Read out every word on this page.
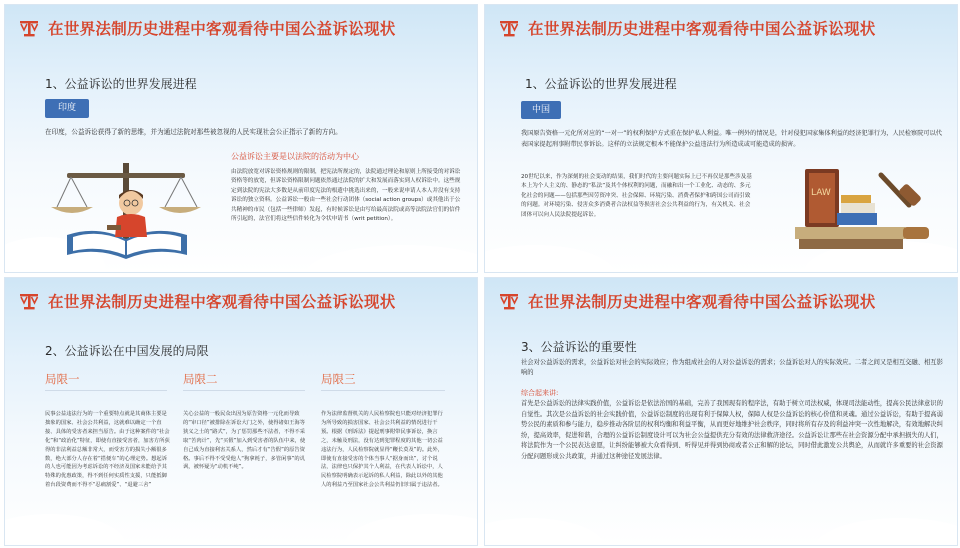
在世界法制历史进程中客观看待中国公益诉讼现状
1、公益诉讼的世界发展进程
印度
在印度，公益诉讼获得了新的思维，并为通过法院对那些被忽视的人民实现社会公正指示了新的方向。
公益诉讼主要是以法院的活动为中心
由法院放宽对诉讼资格规则的限制，把宪法所规定的，法院通过理论和原则上所接受的对诉讼资格等的放宽，但诉讼资格限制问题依然通过法院的扩大和发展而落实到人权诉讼中。这些规定到法院的宪法大多数是从前印度宪法的根遗中挑选出来的，一般来说申请人本人并没有支持诉讼的独立资料。公益诉讼一般由一些社会行动团体（social action groups）或其他出于公共精神的市民（包括一些律师）发起，有时候诉讼是由写给最高法院或高等法院法官们的信件所引起的，法官们将这些信件转化为令状申请书（writ petition）。
在世界法制历史进程中客观看待中国公益诉讼现状
1、公益诉讼的世界发展进程
中国
我国原告资格一元化所对应的“一对一”的权利保护方式重在保护私人利益。唯一例外的情况是，针对侵犯国家集体利益的经济犯罪行为，人民检察院可以代表国家提起刑事附带民事诉讼。这样的立法规定根本不能保护公益违法行为所造成或可能造成的损害。
20世纪以来，作为深刻的社会变动的结果，我们时代的主要问题实际上已不再仅是那些涉及基本上为个人主义的、静态的“私法”及其个体权利的问题，而融和出一个工业化、动态的、多元化社会的问题——包括那些因劳资冲突、社会保障、环境污染、消费者保护和跨国公司而引致的问题。对环境污染、侵害众多消费者合法权益等损害社会公共利益的行为，有关机关、社会团体可以向人民法院提起诉讼。
LAW
在世界法制历史进程中客观看待中国公益诉讼现状
2、公益诉讼在中国发展的局限
局限一
民事公益违法行为的一个重要特点就是其商体主要是拙象的国家、社会公共利益，这就难以确定一个直接、具体的受害者来担当原告。由于这种案件的“社会化”和“政治化”特征，即使有直接受害者，加害方所获得的非法利益总额非常大，而受害方的损失小额很多数，绝大部分人存在着“搭便车”的心理定势。想起诉的人也可能因为考虑诉讼的不经济及国家未能给予其特殊的优惠政策，得不到任何实质性支援，只能抵御着台段资费而不得不“忍痛割爱”、“退避三舍”
局限二
关心公益的一般民众出因为原告资格一元化而导致的“审口径”被排除在诉讼大门之外，使得诸如王海等狭义之士的“路式”，为了惩罚那些不法者，不得不采取“苦肉计”，先“买假”加入到受害者的队伍中来，使自己成为直接利害关系人，然后才有“告假”的原告资格。事后不得不受受他人“狗拿耗子，多管闲事”的讥讽，被怀疑为“动机不纯”。
局限三
作为法律监督机关的人民检察院也只能对经济犯罪行为所导致的损害国家、社会公共利益的情况进行干预。根据《刑诉法》提起刑事附带民事诉讼，换言之，未触及刑法，没有达到犯罪程度的其他一切公益违法行为，人民检察院就显得“鞭长莫及”的。此外，即使有直接受害的个体当事人“据身而出”，讨个说法，法律也只保护其个人利益，在代表人诉讼中，人民检察院明确表示起诉的私人利益，除此以外的其他人的利益乃至国家社会公共利益仍旧归属于违法者。
在世界法制历史进程中客观看待中国公益诉讼现状
3、公益诉讼的重要性
社会对公益诉讼的需求，公益诉讼对社会的实际效应；作为组成社会的人对公益诉讼的需求；公益诉讼对人的实际效应。二者之间又是相互交融、相互影响的
综合起来讲:
首先是公益诉讼的法律实践价值，公益诉讼是依法治国的基础，完善了我国现有的程序法，有助于树立司法权威，体现司法能动性，提高公民法律意识的自觉性。其次是公益诉讼的社会实践价值，公益诉讼制度的出现有利于保障人权，保障人权是公益诉讼的核心价值和灵魂。通过公益诉讼，有助于提高弱势公民的素质和参与能力，稳步推动各阶层的权利均衡和利益平衡，从而更好地维护社会秩序，同时将所有存及的利益冲突一次性地解决，有效地解决纠纷，提高效率，促进和谐，合理的公益诉讼制度设计可以为社会公益提供充分有效的法律救济途径。公益诉讼让那些在社会资源分配中承担损失的人们，将法院作为一个公民表达意愿，让纠纷能够被大众看得到、听得见并得到协商或者公正和解的论坛，同时借此激发公共舆论，从而就许多重要的社会资源分配问题形成公共政策，并通过这种途径发展法律。
